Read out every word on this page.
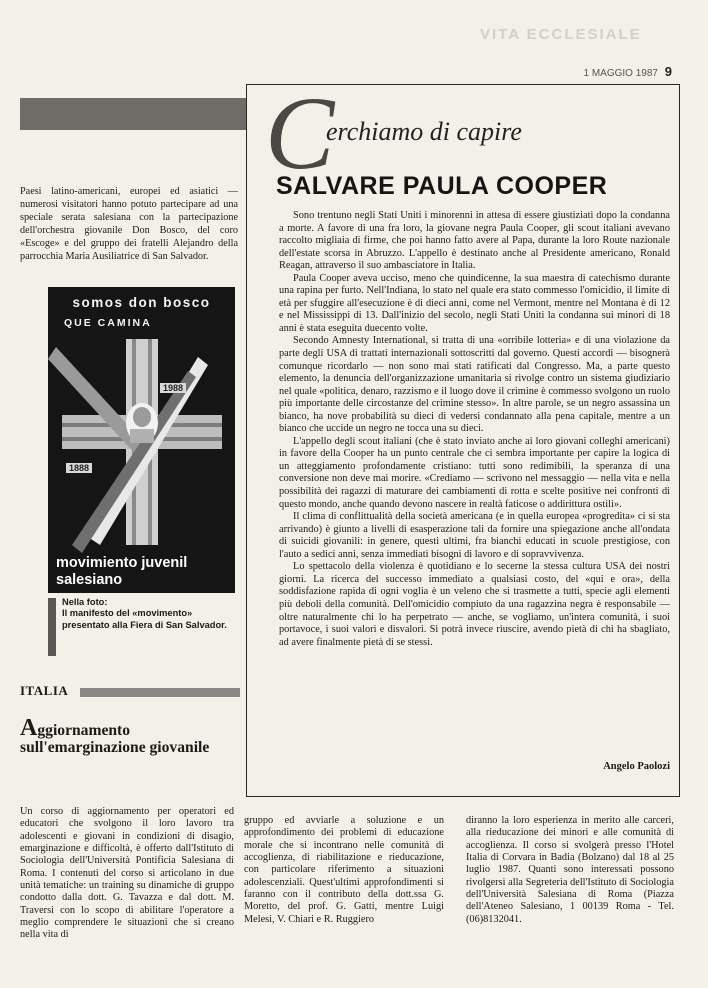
VITA ECCLESIALE
1 MAGGIO 1987 9

Paesi latino-americani, europei ed asiatici — numerosi visitatori hanno potuto partecipare ad una speciale serata salesiana con la partecipazione dell'orchestra giovanile Don Bosco, del coro «Escoge» e del gruppo dei fratelli Alejandro della parrocchia Maria Ausiliatrice di San Salvador.

somos don bosco
QUE CAMINA
1988
1888
movimiento juvenil
salesiano
Nella foto:
Il manifesto del «movimento» presentato alla Fiera di San Salvador.
ITALIA
Aggiornamento
sull'emarginazione giovanile

Un corso di aggiornamento per operatori ed educatori che svolgono il loro lavoro tra adolescenti e giovani in condizioni di disagio, emarginazione e difficoltà, è offerto dall'Istituto di Sociologia dell'Università Pontificia Salesiana di Roma. I contenuti del corso si articolano in due unità tematiche: un training su dinamiche di gruppo condotto dalla dott. G. Tavazza e dal dott. M. Traversi con lo scopo di abilitare l'operatore a meglio comprendere le situazioni che si creano nella vita di

gruppo ed avviarle a soluzione e un approfondimento dei problemi di educazione morale che si incontrano nelle comunità di accoglienza, di riabilitazione e rieducazione, con particolare riferimento a situazioni adolescenziali. Quest'ultimi approfondimenti si faranno con il contributo della dott.ssa G. Moretto, del prof. G. Gatti, mentre Luigi Melesi, V. Chiari e R. Ruggiero

diranno la loro esperienza in merito alle carceri, alla rieducazione dei minori e alle comunità di accoglienza. Il corso si svolgerà presso l'Hotel Italia di Corvara in Badia (Bolzano) dal 18 al 25 luglio 1987. Quanti sono interessati possono rivolgersi alla Segreteria dell'Istituto di Sociologia dell'Università Salesiana di Roma (Piazza dell'Ateneo Salesiano, 1 00139 Roma - Tel. (06)8132041.

C
erchiamo di capire
SALVARE PAULA COOPER

Sono trentuno negli Stati Uniti i minorenni in attesa di essere giustiziati dopo la condanna a morte. A favore di una fra loro, la giovane negra Paula Cooper, gli scout italiani avevano raccolto migliaia di firme, che poi hanno fatto avere al Papa, durante la loro Route nazionale dell'estate scorsa in Abruzzo. L'appello è destinato anche al Presidente americano, Ronald Reagan, attraverso il suo ambasciatore in Italia.

Paula Cooper aveva ucciso, meno che quindicenne, la sua maestra di catechismo durante una rapina per furto. Nell'Indiana, lo stato nel quale era stato commesso l'omicidio, il limite di età per sfuggire all'esecuzione è di dieci anni, come nel Vermont, mentre nel Montana è di 12 e nel Mississippi di 13. Dall'inizio del secolo, negli Stati Uniti la condanna sui minori di 18 anni è stata eseguita duecento volte.

Secondo Amnesty International, si tratta di una «orribile lotteria» e di una violazione da parte degli USA di trattati internazionali sottoscritti dal governo. Questi accordi — bisognerà comunque ricordarlo — non sono mai stati ratificati dal Congresso. Ma, a parte questo elemento, la denuncia dell'organizzazione umanitaria si rivolge contro un sistema giudiziario nel quale «politica, denaro, razzismo e il luogo dove il crimine è commesso svolgono un ruolo più importante delle circostanze del crimine stesso». In altre parole, se un negro assassina un bianco, ha nove probabilità su dieci di vedersi condannato alla pena capitale, mentre a un bianco che uccide un negro ne tocca una su dieci.

L'appello degli scout italiani (che è stato inviato anche ai loro giovani colleghi americani) in favore della Cooper ha un punto centrale che ci sembra importante per capire la logica di un atteggiamento profondamente cristiano: tutti sono redimibili, la speranza di una conversione non deve mai morire. «Crediamo — scrivono nel messaggio — nella vita e nella possibilità dei ragazzi di maturare dei cambiamenti di rotta e scelte positive nei confronti di questo mondo, anche quando devono nascere in realtà faticose o addirittura ostili».

Il clima di conflittualità della società americana (e in quella europea «progredita» ci si sta arrivando) è giunto a livelli di esasperazione tali da fornire una spiegazione anche all'ondata di suicidi giovanili: in genere, questi ultimi, fra bianchi educati in scuole prestigiose, con l'auto a sedici anni, senza immediati bisogni di lavoro e di sopravvivenza.

Lo spettacolo della violenza è quotidiano e lo secerne la stessa cultura USA dei nostri giorni. La ricerca del successo immediato a qualsiasi costo, del «qui e ora», della soddisfazione rapida di ogni voglia è un veleno che si trasmette a tutti, specie agli elementi più deboli della comunità. Dell'omicidio compiuto da una ragazzina negra è responsabile — oltre naturalmente chi lo ha perpetrato — anche, se vogliamo, un'intera comunità, i suoi portavoce, i suoi valori e disvalori. Si potrà invece riuscire, avendo pietà di chi ha sbagliato, ad avere finalmente pietà di se stessi.

Angelo Paolozi
